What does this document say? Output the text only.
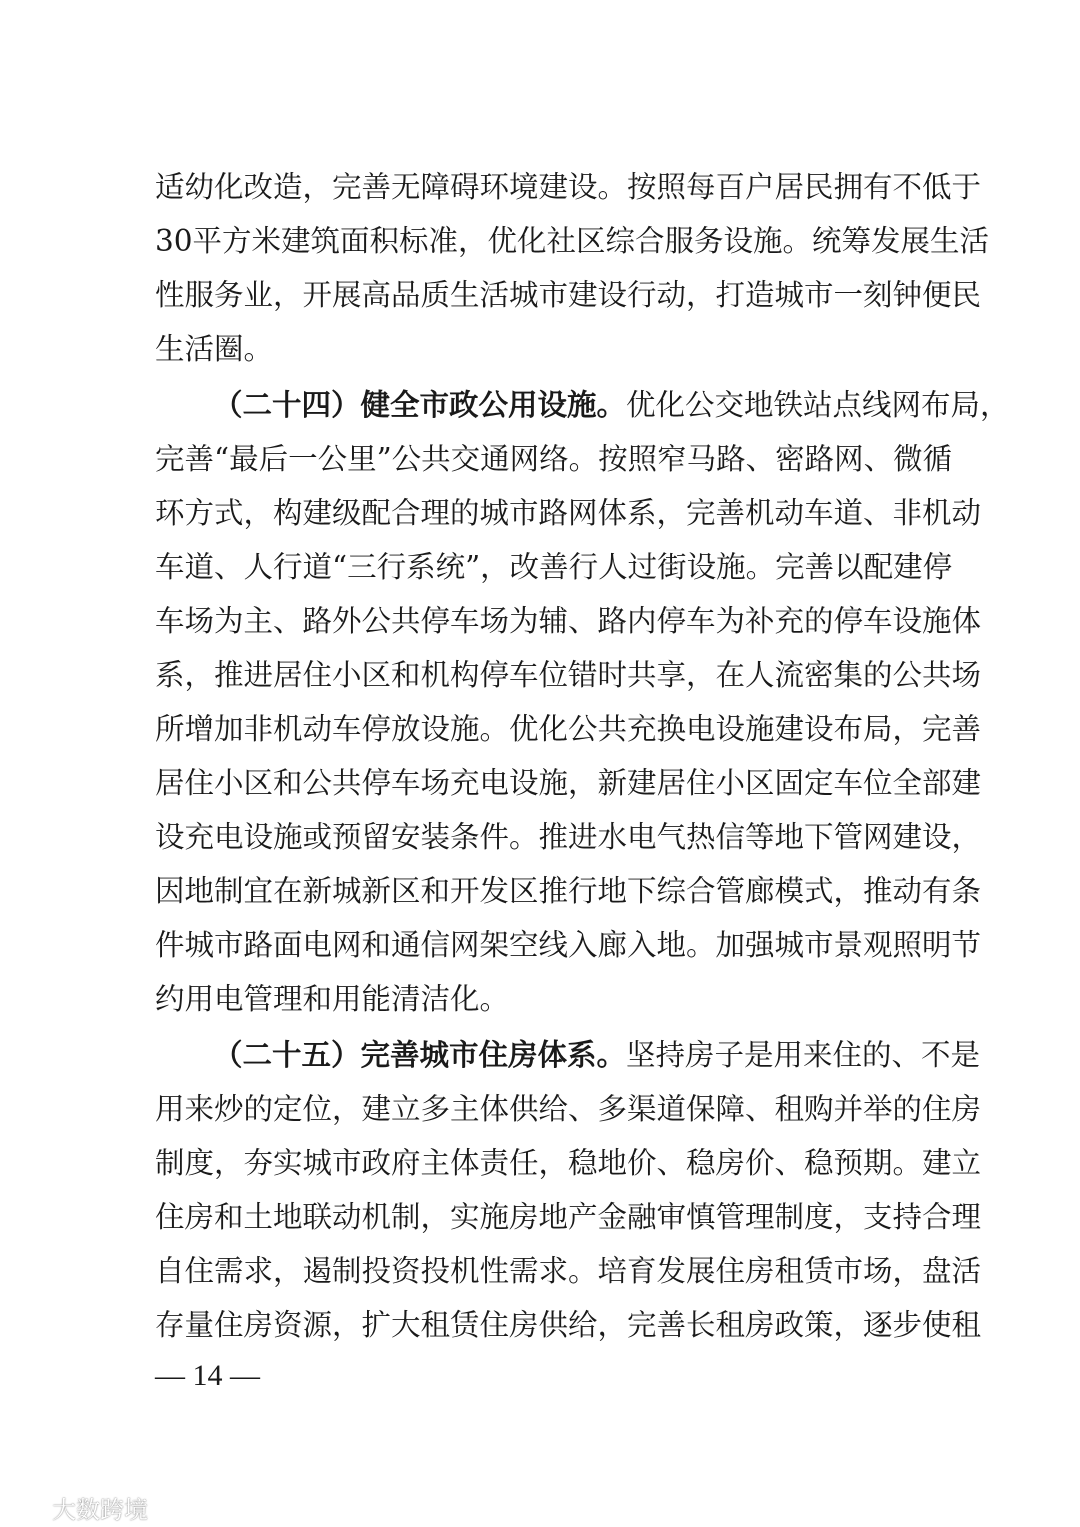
适幼化改造，完善无障碍环境建设。按照每百户居民拥有不低于
30平方米建筑面积标准，优化社区综合服务设施。统筹发展生活
性服务业，开展高品质生活城市建设行动，打造城市一刻钟便民
生活圈。
（二十四）健全市政公用设施。优化公交地铁站点线网布局，
完善“最后一公里”公共交通网络。按照窄马路、密路网、微循
环方式，构建级配合理的城市路网体系，完善机动车道、非机动
车道、人行道“三行系统”，改善行人过街设施。完善以配建停
车场为主、路外公共停车场为辅、路内停车为补充的停车设施体
系，推进居住小区和机构停车位错时共享，在人流密集的公共场
所增加非机动车停放设施。优化公共充换电设施建设布局，完善
居住小区和公共停车场充电设施，新建居住小区固定车位全部建
设充电设施或预留安装条件。推进水电气热信等地下管网建设，
因地制宜在新城新区和开发区推行地下综合管廊模式，推动有条
件城市路面电网和通信网架空线入廊入地。加强城市景观照明节
约用电管理和用能清洁化。
（二十五）完善城市住房体系。坚持房子是用来住的、不是
用来炒的定位，建立多主体供给、多渠道保障、租购并举的住房
制度，夯实城市政府主体责任，稳地价、稳房价、稳预期。建立
住房和土地联动机制，实施房地产金融审慎管理制度，支持合理
自住需求，遏制投资投机性需求。培育发展住房租赁市场，盘活
存量住房资源，扩大租赁住房供给，完善长租房政策，逐步使租
— 14 —
大数跨境
